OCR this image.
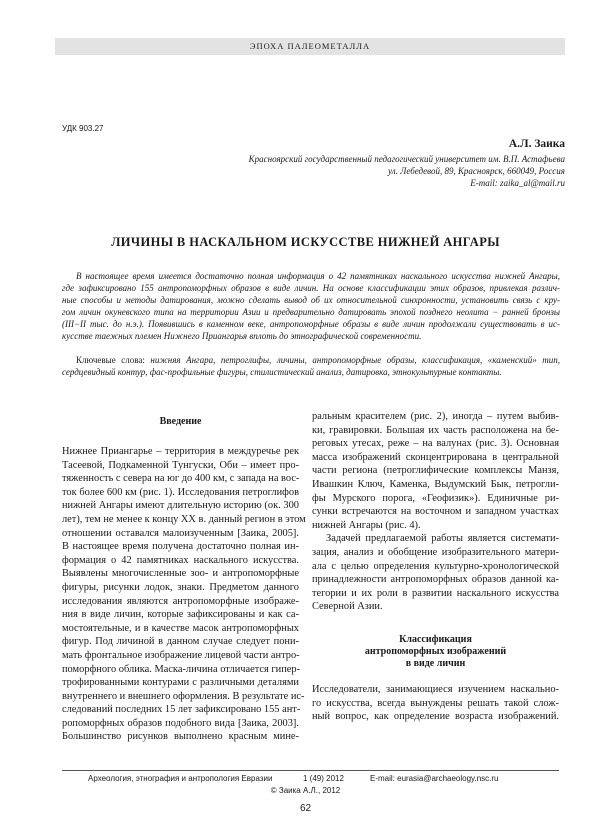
ЭПОХА ПАЛЕОМЕТАЛЛА
УДК 903.27
А.Л. Заика
Красноярский государственный педагогический университет им. В.П. Астафьева
ул. Лебедевой, 89, Красноярск, 660049, Россия
E-mail: zaika_al@mail.ru
ЛИЧИНЫ В НАСКАЛЬНОМ ИСКУССТВЕ НИЖНЕЙ АНГАРЫ
В настоящее время имеется достаточно полная информация о 42 памятниках наскального искусства нижней Ангары,
где зафиксировано 155 антропоморфных образов в виде личин. На основе классификации этих образов, привлекая различ-
ные способы и методы датирования, можно сделать вывод об их относительной синхронности, установить связь с кру-
гом личин окуневского типа на территории Азии и предварительно датировать эпохой позднего неолита − ранней бронзы
(III−II тыс. до н.э.). Появившись в каменном веке, антропоморфные образы в виде личин продолжали существовать в ис-
кусстве таежных племен Нижнего Приангарья вплоть до этнографической современности.
Ключевые слова: нижняя Ангара, петроглифы, личины, антропоморфные образы, классификация, «каменский» тип,
сердцевидный контур, фас-профильные фигуры, стилистический анализ, датировка, этнокультурные контакты.
Введение
Нижнее Приангарье – территория в междуречье рек
Тасеевой, Подкаменной Тунгуски, Оби – имеет про-
тяженность с севера на юг до 400 км, с запада на вос-
ток более 600 км (рис. 1). Исследования петроглифов
нижней Ангары имеют длительную историю (ок. 300
лет), тем не менее к концу XX в. данный регион в этом
отношении оставался малоизученным [Заика, 2005].
В настоящее время получена достаточно полная ин-
формация о 42 памятниках наскального искусства.
Выявлены многочисленные зоо- и антропоморфные
фигуры, рисунки лодок, знаки. Предметом данного
исследования являются антропоморфные изображе-
ния в виде личин, которые зафиксированы и как са-
мостоятельные, и в качестве масок антропоморфных
фигур. Под личиной в данном случае следует пони-
мать фронтальное изображение лицевой части антро-
поморфного облика. Маска-личина отличается гипер-
трофированными контурами с различными деталями
внутреннего и внешнего оформления. В результате ис-
следований последних 15 лет зафиксировано 155 ант-
ропоморфных образов подобного вида [Заика, 2003].
Большинство рисунков выполнено красным мине-
ральным красителем (рис. 2), иногда – путем выбив-
ки, гравировки. Большая их часть расположена на бе-
реговых утесах, реже – на валунах (рис. 3). Основная
масса изображений сконцентрирована в центральной
части региона (петроглифические комплексы Манзя,
Ивашкин Ключ, Каменка, Выдумский Бык, петрогли-
фы Мурского порога, «Геофизик»). Единичные ри-
сунки встречаются на восточном и западном участках
нижней Ангары (рис. 4).
Задачей предлагаемой работы является системати-
зация, анализ и обобщение изобразительного матери-
ала с целью определения культурно-хронологической
принадлежности антропоморфных образов данной ка-
тегории и их роли в развитии наскального искусства
Северной Азии.
Классификация
антропоморфных изображений
в виде личин
Исследователи, занимающиеся изучением наскально-
го искусства, всегда вынуждены решать такой слож-
ный вопрос, как определение возраста изображений.
Археология, этнография и антропология Евразии	1 (49) 2012	E-mail: eurasia@archaeology.nsc.ru
© Заика А.Л., 2012
62
